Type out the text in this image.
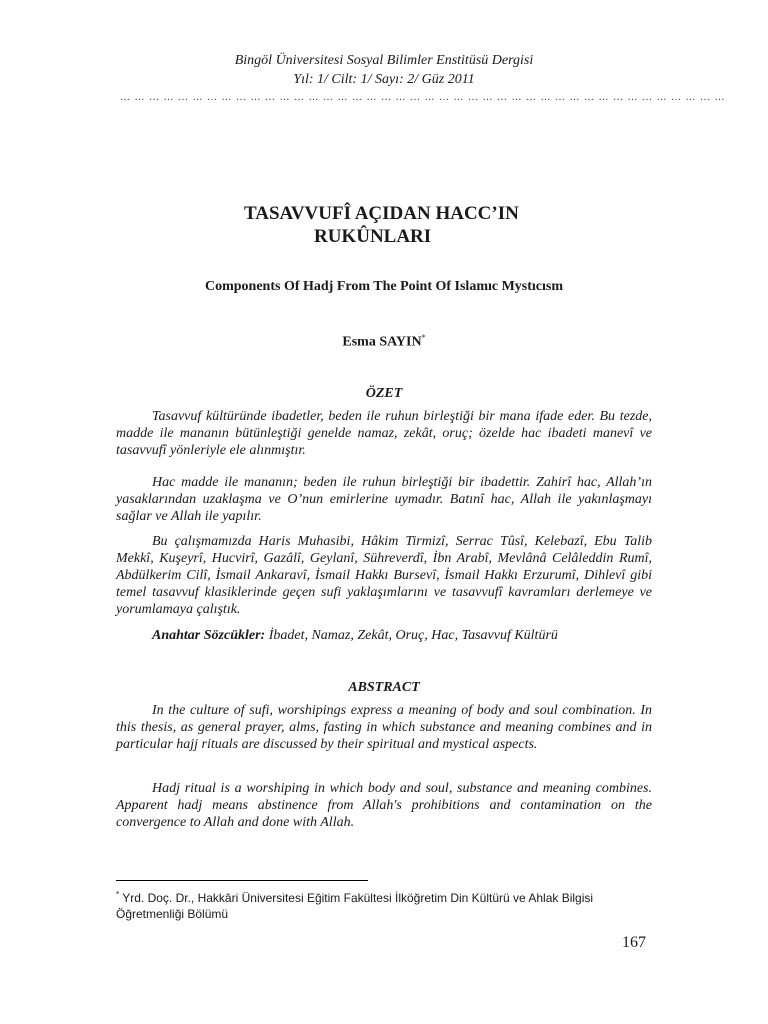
Bingöl Üniversitesi Sosyal Bilimler Enstitüsü Dergisi
Yıl: 1/ Cilt: 1/ Sayı: 2/ Güz 2011
… … … … … … … … … … … … … … … … … … … … … … … … … … … … … … … … … … … … … … … … … …
TASAVVUFÎ AÇIDAN HACC’IN
RUKÛNLARI
Components Of Hadj From The Point Of Islamıc Mystıcısm
Esma SAYIN*
ÖZET
Tasavvuf kültüründe ibadetler, beden ile ruhun birleştiği bir mana ifade eder. Bu tezde, madde ile mananın bütünleştiği genelde namaz, zekât, oruç; özelde hac ibadeti manevî ve tasavvufî yönleriyle ele alınmıştır.
Hac madde ile mananın; beden ile ruhun birleştiği bir ibadettir. Zahirî hac, Allah’ın yasaklarından uzaklaşma ve O’nun emirlerine uymadır. Batınî hac, Allah ile yakınlaşmayı sağlar ve Allah ile yapılır.
Bu çalışmamızda Haris Muhasibi, Hâkim Tirmizî, Serrac Tûsî, Kelebazî, Ebu Talib Mekkî, Kuşeyrî, Hucvirî, Gazâlî, Geylanî, Sühreverdî, İbn Arabî, Mevlânâ Celâleddin Rumî, Abdülkerim Cilî, İsmail Ankaravî, İsmail Hakkı Bursevî, İsmail Hakkı Erzurumî, Dihlevî gibi temel tasavvuf klasiklerinde geçen sufi yaklaşımlarını ve tasavvufî kavramları derlemeye ve yorumlamaya çalıştık.
Anahtar Sözcükler: İbadet, Namaz, Zekât, Oruç, Hac, Tasavvuf Kültürü
ABSTRACT
In the culture of sufi, worshipings express a meaning of body and soul combination. In this thesis, as general prayer, alms, fasting in which substance and meaning combines and in particular hajj rituals are discussed by their spiritual and mystical aspects.
Hadj ritual is a worshiping in which body and soul, substance and meaning combines. Apparent hadj means abstinence from Allah's prohibitions and contamination on the convergence to Allah and done with Allah.
* Yrd. Doç. Dr., Hakkâri Üniversitesi Eğitim Fakültesi İlköğretim Din Kültürü ve Ahlak Bilgisi Öğretmenliği Bölümü
167
